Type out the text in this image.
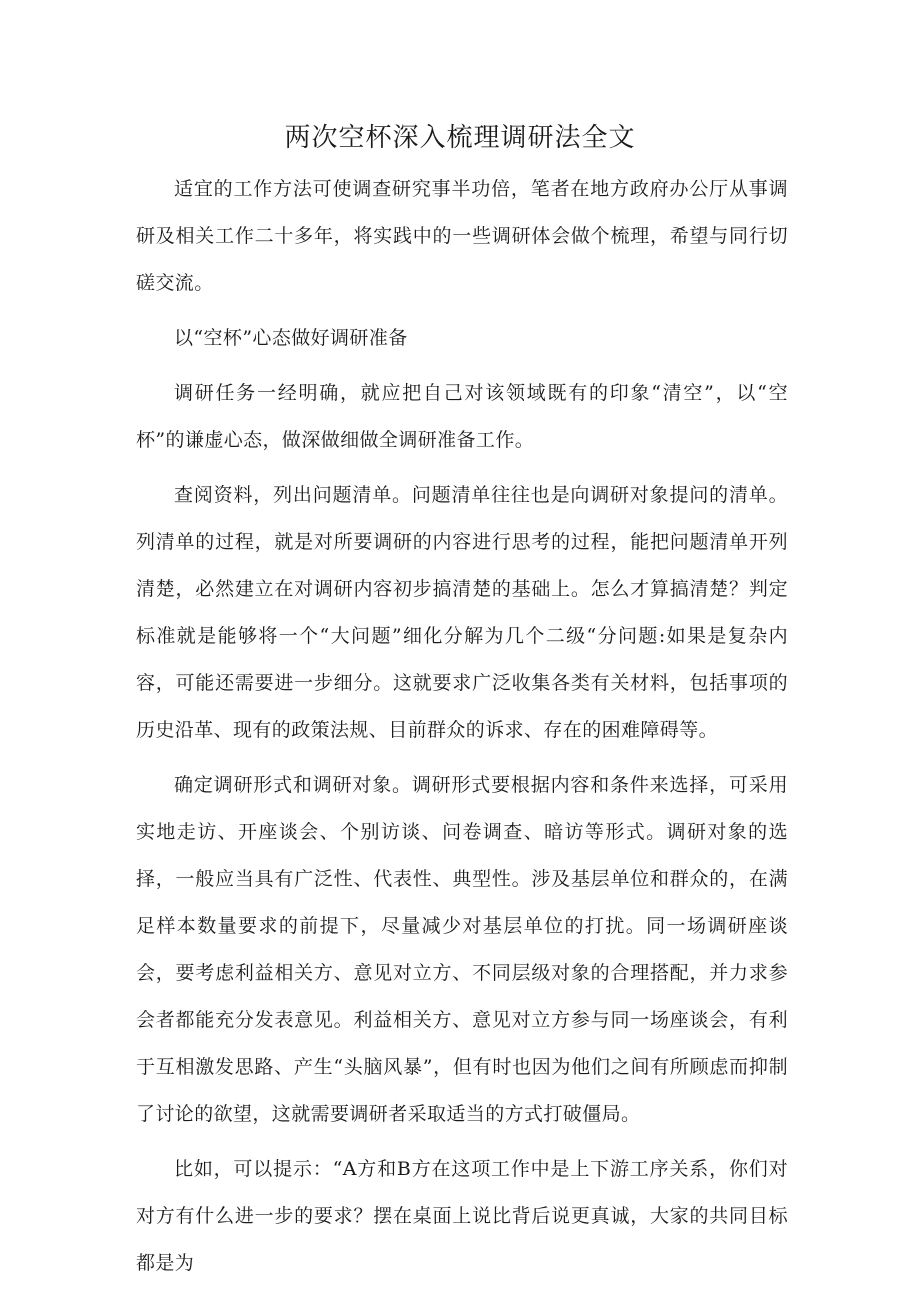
两次空杯深入梳理调研法全文

适宜的工作方法可使调查研究事半功倍，笔者在地方政府办公厅从事调研及相关工作二十多年，将实践中的一些调研体会做个梳理，希望与同行切磋交流。

以“空杯”心态做好调研准备

调研任务一经明确，就应把自己对该领域既有的印象“清空”，以“空杯”的谦虚心态，做深做细做全调研准备工作。

查阅资料，列出问题清单。问题清单往往也是向调研对象提问的清单。列清单的过程，就是对所要调研的内容进行思考的过程，能把问题清单开列清楚，必然建立在对调研内容初步搞清楚的基础上。怎么才算搞清楚？判定标准就是能够将一个“大问题”细化分解为几个二级“分问题:如果是复杂内容，可能还需要进一步细分。这就要求广泛收集各类有关材料，包括事项的历史沿革、现有的政策法规、目前群众的诉求、存在的困难障碍等。

确定调研形式和调研对象。调研形式要根据内容和条件来选择，可采用实地走访、开座谈会、个别访谈、问卷调查、暗访等形式。调研对象的选择，一般应当具有广泛性、代表性、典型性。涉及基层单位和群众的，在满足样本数量要求的前提下，尽量减少对基层单位的打扰。同一场调研座谈会，要考虑利益相关方、意见对立方、不同层级对象的合理搭配，并力求参会者都能充分发表意见。利益相关方、意见对立方参与同一场座谈会，有利于互相激发思路、产生“头脑风暴”，但有时也因为他们之间有所顾虑而抑制了讨论的欲望，这就需要调研者采取适当的方式打破僵局。

比如，可以提示：“A方和B方在这项工作中是上下游工序关系，你们对对方有什么进一步的要求？摆在桌面上说比背后说更真诚，大家的共同目标都是为
